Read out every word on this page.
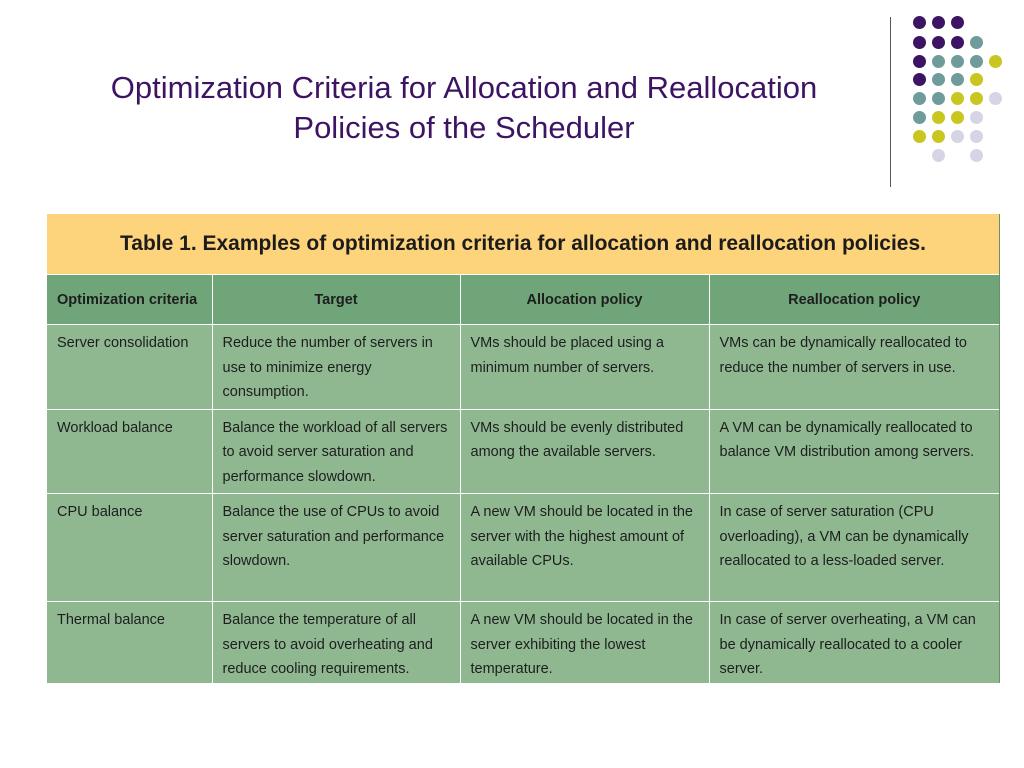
Optimization Criteria for Allocation and Reallocation
Policies of the Scheduler
Table 1. Examples of optimization criteria for allocation and reallocation policies.			
Optimization criteria	Target	Allocation policy	Reallocation policy
Server consolidation	Reduce the number of servers in use to minimize energy consumption.	VMs should be placed using a minimum number of servers.	VMs can be dynamically reallocated to reduce the number of servers in use.
Workload balance	Balance the workload of all servers to avoid server saturation and performance slowdown.	VMs should be evenly distributed among the available servers.	A VM can be dynamically reallocated to balance VM distribution among servers.
CPU balance	Balance the use of CPUs to avoid server saturation and performance slowdown.	A new VM should be located in the server with the highest amount of available CPUs.	In case of server saturation (CPU overloading), a VM can be dynamically reallocated to a less-loaded server.
Thermal balance	Balance the temperature of all servers to avoid overheating and reduce cooling requirements.	A new VM should be located in the server exhibiting the lowest temperature.	In case of server overheating, a VM can be dynamically reallocated to a cooler server.
